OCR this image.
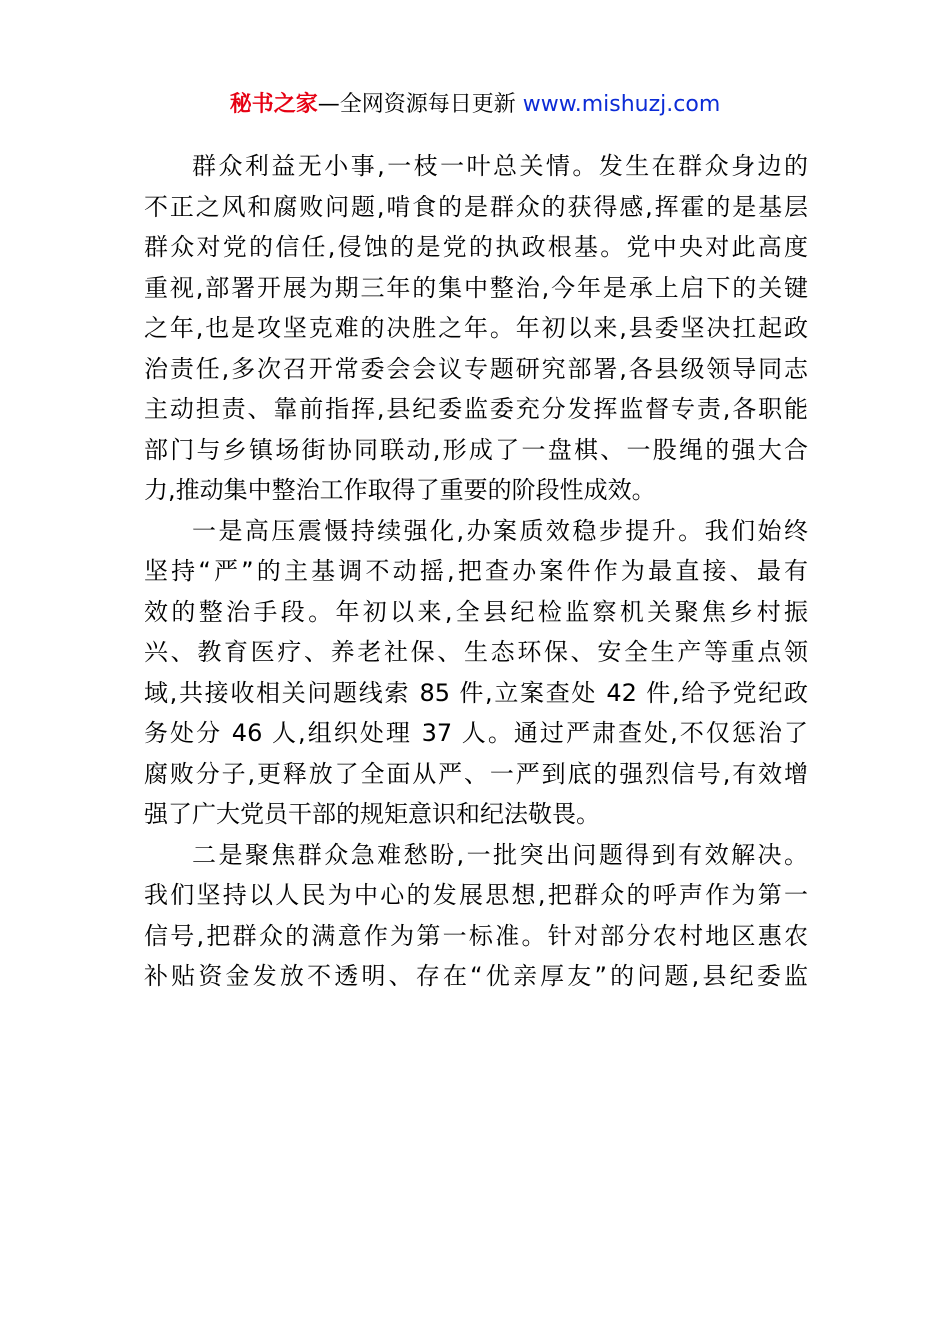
秘书之家—全网资源每日更新 www.mishuzj.com

群众利益无小事,一枝一叶总关情。发生在群众身边的
不正之风和腐败问题,啃食的是群众的获得感,挥霍的是基层
群众对党的信任,侵蚀的是党的执政根基。党中央对此高度
重视,部署开展为期三年的集中整治,今年是承上启下的关键
之年,也是攻坚克难的决胜之年。年初以来,县委坚决扛起政
治责任,多次召开常委会会议专题研究部署,各县级领导同志
主动担责、靠前指挥,县纪委监委充分发挥监督专责,各职能
部门与乡镇场街协同联动,形成了一盘棋、一股绳的强大合
力,推动集中整治工作取得了重要的阶段性成效。

一是高压震慑持续强化,办案质效稳步提升。我们始终
坚持“严”的主基调不动摇,把查办案件作为最直接、最有
效的整治手段。年初以来,全县纪检监察机关聚焦乡村振
兴、教育医疗、养老社保、生态环保、安全生产等重点领
域,共接收相关问题线索 85 件,立案查处 42 件,给予党纪政
务处分 46 人,组织处理 37 人。通过严肃查处,不仅惩治了
腐败分子,更释放了全面从严、一严到底的强烈信号,有效增
强了广大党员干部的规矩意识和纪法敬畏。

二是聚焦群众急难愁盼,一批突出问题得到有效解决。
我们坚持以人民为中心的发展思想,把群众的呼声作为第一
信号,把群众的满意作为第一标准。针对部分农村地区惠农
补贴资金发放不透明、存在“优亲厚友”的问题,县纪委监
